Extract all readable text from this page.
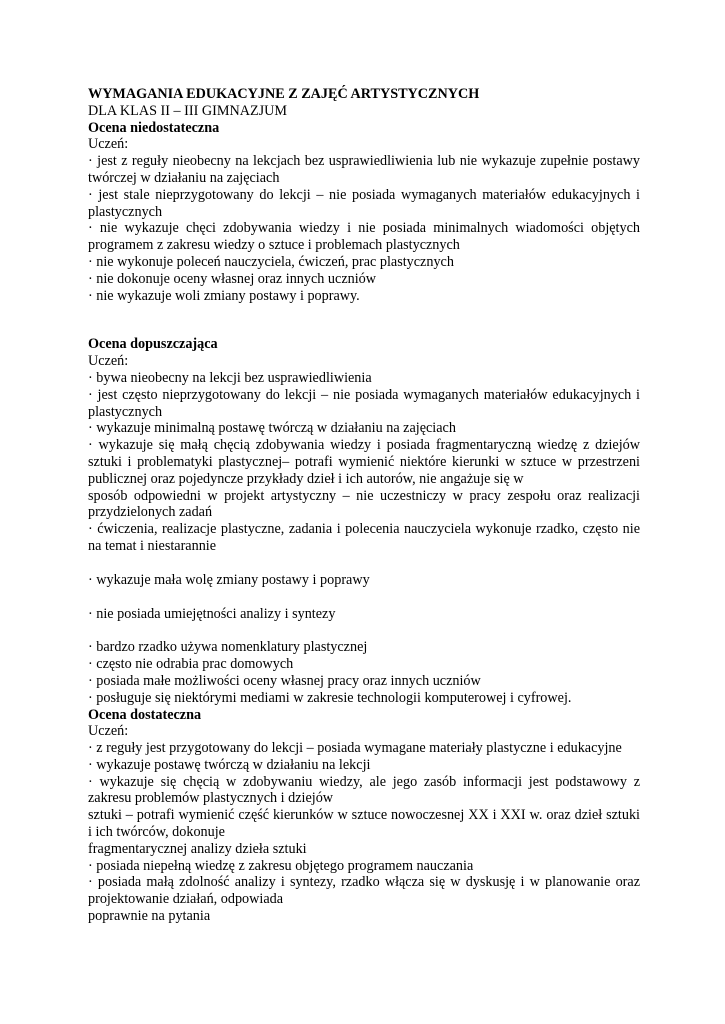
WYMAGANIA EDUKACYJNE Z ZAJĘĆ ARTYSTYCZNYCH

DLA KLAS II – III GIMNAZJUM

Ocena niedostateczna

Uczeń:

· jest z reguły nieobecny na lekcjach bez usprawiedliwienia lub nie wykazuje zupełnie postawy twórczej w działaniu na zajęciach

· jest stale nieprzygotowany do lekcji – nie posiada wymaganych materiałów edukacyjnych i plastycznych

· nie wykazuje chęci zdobywania wiedzy i nie posiada minimalnych wiadomości objętych programem z zakresu wiedzy o sztuce i problemach plastycznych

· nie wykonuje poleceń nauczyciela, ćwiczeń, prac plastycznych

· nie dokonuje oceny własnej oraz innych uczniów

· nie wykazuje woli zmiany postawy i poprawy.

Ocena dopuszczająca

Uczeń:

· bywa nieobecny na lekcji bez usprawiedliwienia

· jest często nieprzygotowany do lekcji – nie posiada wymaganych materiałów edukacyjnych i plastycznych

· wykazuje minimalną postawę twórczą w działaniu na zajęciach

· wykazuje się małą chęcią zdobywania wiedzy i posiada fragmentaryczną wiedzę z dziejów sztuki i problematyki plastycznej– potrafi wymienić niektóre kierunki w sztuce w przestrzeni publicznej oraz pojedyncze przykłady dzieł i ich autorów, nie angażuje się w

sposób odpowiedni w projekt artystyczny – nie uczestniczy w pracy zespołu oraz realizacji przydzielonych zadań

· ćwiczenia, realizacje plastyczne, zadania i polecenia nauczyciela wykonuje rzadko, często nie na temat i niestarannie

· wykazuje mała wolę zmiany postawy i poprawy

· nie posiada umiejętności analizy i syntezy

· bardzo rzadko używa nomenklatury plastycznej

· często nie odrabia prac domowych

· posiada małe możliwości oceny własnej pracy oraz innych uczniów

· posługuje się niektórymi mediami w zakresie technologii komputerowej i cyfrowej.

Ocena dostateczna

Uczeń:

· z reguły jest przygotowany do lekcji – posiada wymagane materiały plastyczne i edukacyjne

· wykazuje postawę twórczą w działaniu na lekcji

· wykazuje się chęcią w zdobywaniu wiedzy, ale jego zasób informacji jest podstawowy z zakresu problemów plastycznych i dziejów

sztuki – potrafi wymienić część kierunków w sztuce nowoczesnej XX i XXI w. oraz dzieł sztuki i ich twórców, dokonuje

fragmentarycznej analizy dzieła sztuki

· posiada niepełną wiedzę z zakresu objętego programem nauczania

· posiada małą zdolność analizy i syntezy, rzadko włącza się w dyskusję i w planowanie oraz projektowanie działań, odpowiada

poprawnie na pytania
